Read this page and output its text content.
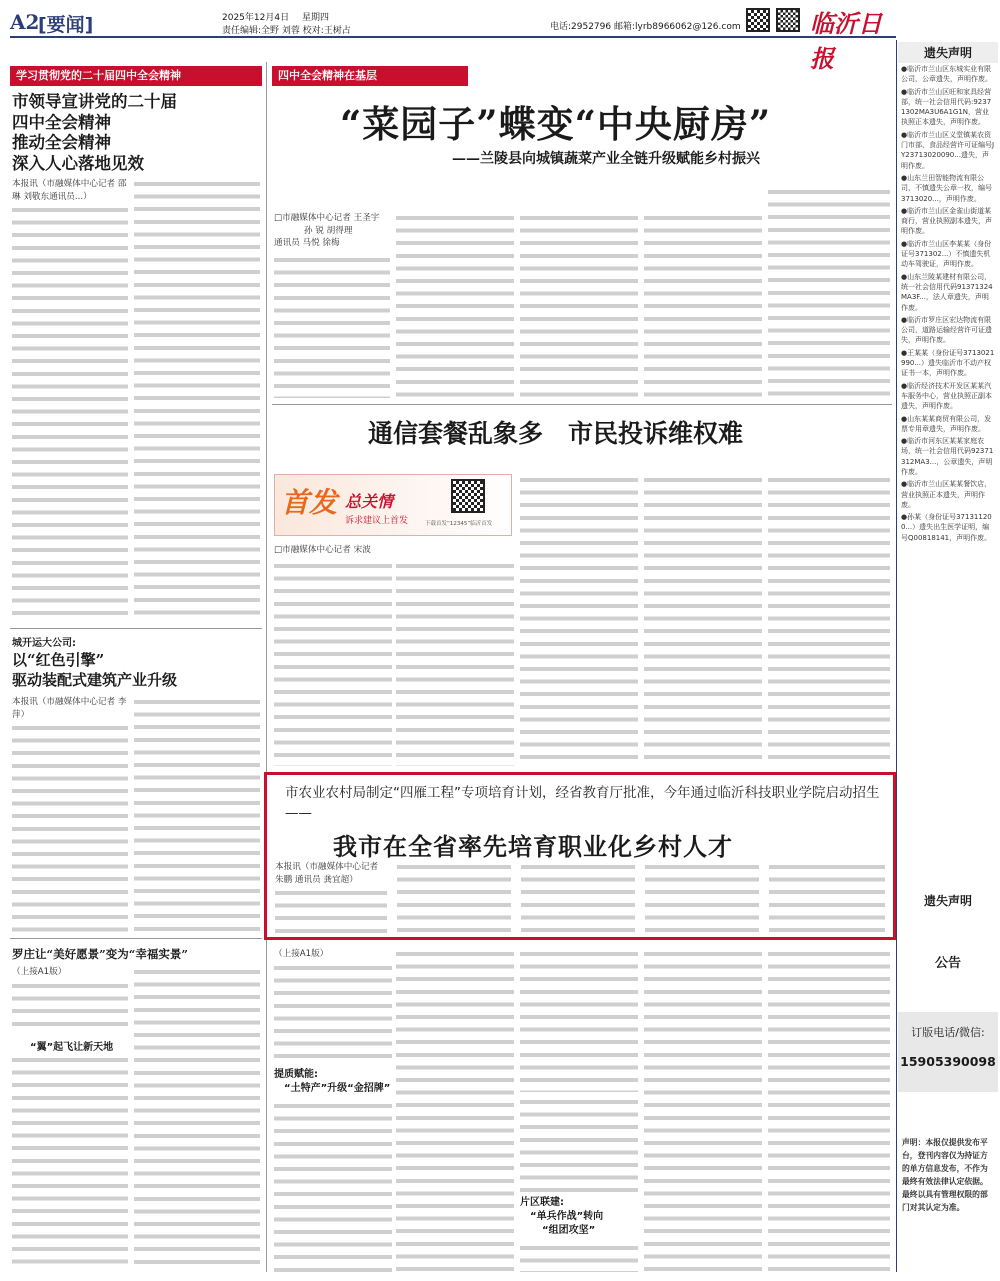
A2
[要闻]	2025年12月4日 星期四
责任编辑:全野 刘蓉 校对:王树占	电话:2952796 邮箱:lyrb8966062@126.com	临沂日报
学习贯彻党的二十届四中全会精神
市领导宣讲党的二十届
四中全会精神
推动全会精神
深入人心落地见效
本报讯（市融媒体中心记者 邵琳 刘敬东通讯员...）
城开运大公司:
以“红色引擎”
驱动装配式建筑产业升级
本报讯（市融媒体中心记者 李萍）
罗庄让“美好愿景”变为“幸福实景”
（上接A1版）
“翼”起飞让新天地
四中全会精神在基层
“菜园子”蝶变“中央厨房”
——兰陵县向城镇蔬菜产业全链升级赋能乡村振兴
□市融媒体中心记者 王圣宇
孙 锐 胡得理
通讯员 马悦 徐梅
通信套餐乱象多　市民投诉维权难
首发 总关情
诉求建议上首发	下载首发“12345”临沂首发
□市融媒体中心记者 宋波
市农业农村局制定“四雁工程”专项培育计划，经省教育厅批准，今年通过临沂科技职业学院启动招生——
我市在全省率先培育职业化乡村人才
本报讯（市融媒体中心记者 朱鹏 通讯员 龚宜超）
（上接A1版）
提质赋能:
“土特产”升级“金招牌”
片区联建:
“单兵作战”转向
“组团攻坚”
遗失声明
●临沂市兰山区东城实业有限公司，公章遗失，声明作废。
●临沂市兰山区旺和家具经营部，统一社会信用代码:92371302MA3U6A1G1N，营业执照正本遗失，声明作废。
●临沂市兰山区义堂镇某农资门市部，食品经营许可证编号JY23713020090...遗失，声明作废。
●山东兰田智能物流有限公司，不慎遗失公章一枚，编号3713020...，声明作废。
●临沂市兰山区金雀山街道某商行，营业执照副本遗失，声明作废。
●临沂市兰山区李某某（身份证号371302...）不慎遗失机动车驾驶证，声明作废。
●山东兰陵某建材有限公司，统一社会信用代码91371324MA3F...，法人章遗失，声明作废。
●临沂市罗庄区宏达物流有限公司，道路运输经营许可证遗失，声明作废。
●王某某（身份证号3713021990...）遗失临沂市不动产权证书一本，声明作废。
●临沂经济技术开发区某某汽车服务中心，营业执照正副本遗失，声明作废。
●山东某某商贸有限公司，发票专用章遗失，声明作废。
●临沂市河东区某某家庭农场，统一社会信用代码92371312MA3...，公章遗失，声明作废。
●临沂市兰山区某某餐饮店，营业执照正本遗失，声明作废。
●孙某（身份证号371311200...）遗失出生医学证明，编号Q00818141，声明作废。
遗失声明
公告
订版电话/微信:
15905390098
声明：本报仅提供发布平台，登刊内容仅为持证方的单方信息发布，不作为最终有效法律认定依据。最终以具有管理权限的部门对其认定为准。
